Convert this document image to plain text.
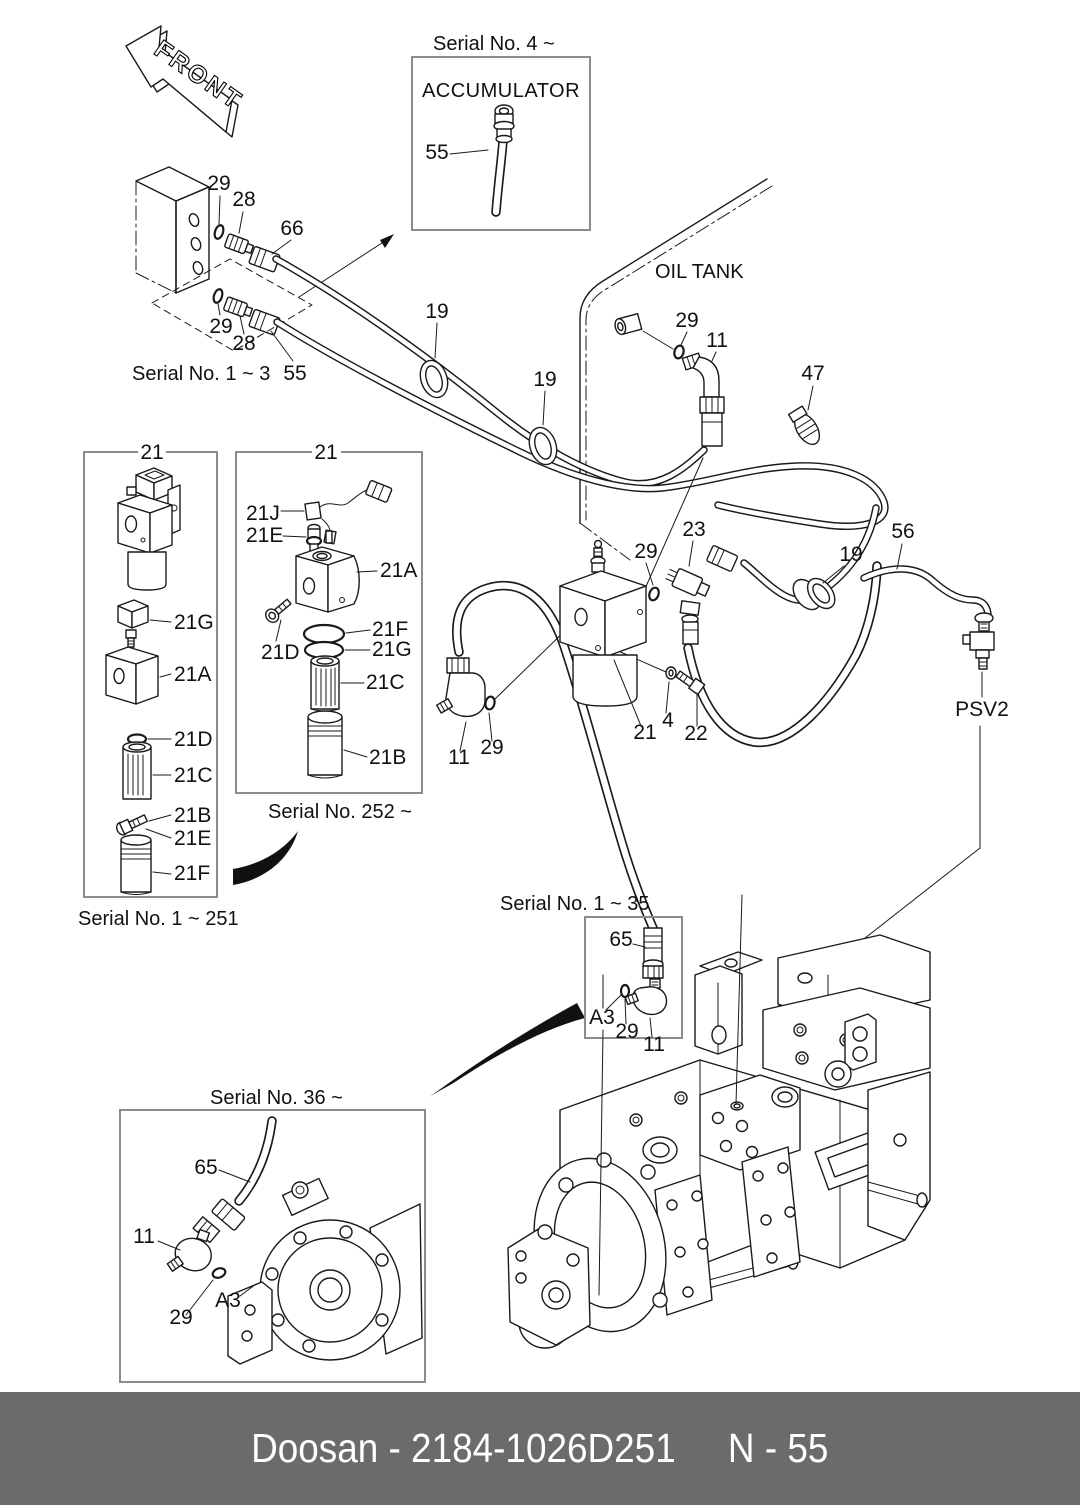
FRONT	Serial No. 4 ~
ACCUMULATOR
55
OIL TANK
29
28
66
29
28
Serial No. 1 ~ 3 55
19
19
19
47
29
11
56
PSV2
23
29
21
4
22
11 29
21
21G
21A
21D
21C
21B
21E
21F
Serial No. 1 ~ 251
21
21J
21E
21A
21D
21F
21G
21C
21B
Serial No. 252 ~
Serial No. 1 ~ 35
65
A3
29
11
Serial No. 36 ~
65
11
29
A3
Doosan - 2184-1026D251 N - 55
